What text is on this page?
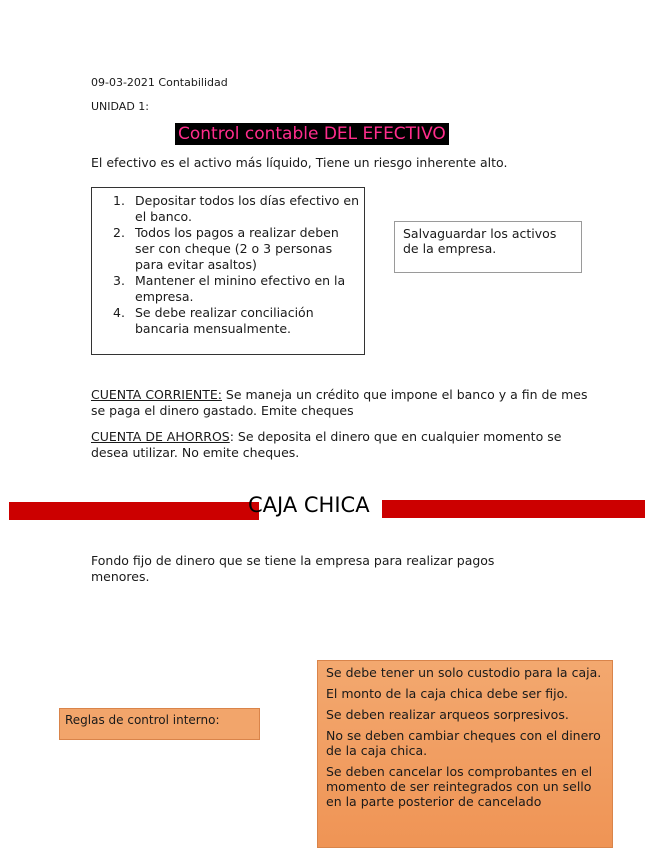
09-03-2021 Contabilidad
UNIDAD 1:
Control contable DEL EFECTIVO
El efectivo es el activo más líquido, Tiene un riesgo inherente alto.
1. Depositar todos los días efectivo en el banco.
2. Todos los pagos a realizar deben ser con cheque (2 o 3 personas para evitar asaltos)
3. Mantener el minino efectivo en la empresa.
4. Se debe realizar conciliación bancaria mensualmente.
Salvaguardar los activos de la empresa.
CUENTA CORRIENTE: Se maneja un crédito que impone el banco y a fin de mes se paga el dinero gastado. Emite cheques
CUENTA DE AHORROS: Se deposita el dinero que en cualquier momento se desea utilizar. No emite cheques.
CAJA CHICA
Fondo fijo de dinero que se tiene la empresa para realizar pagos menores.
Reglas de control interno:

Se debe tener un solo custodio para la caja.

El monto de la caja chica debe ser fijo.

Se deben realizar arqueos sorpresivos.

No se deben cambiar cheques con el dinero de la caja chica.

Se deben cancelar los comprobantes en el momento de ser reintegrados con un sello en la parte posterior de cancelado
